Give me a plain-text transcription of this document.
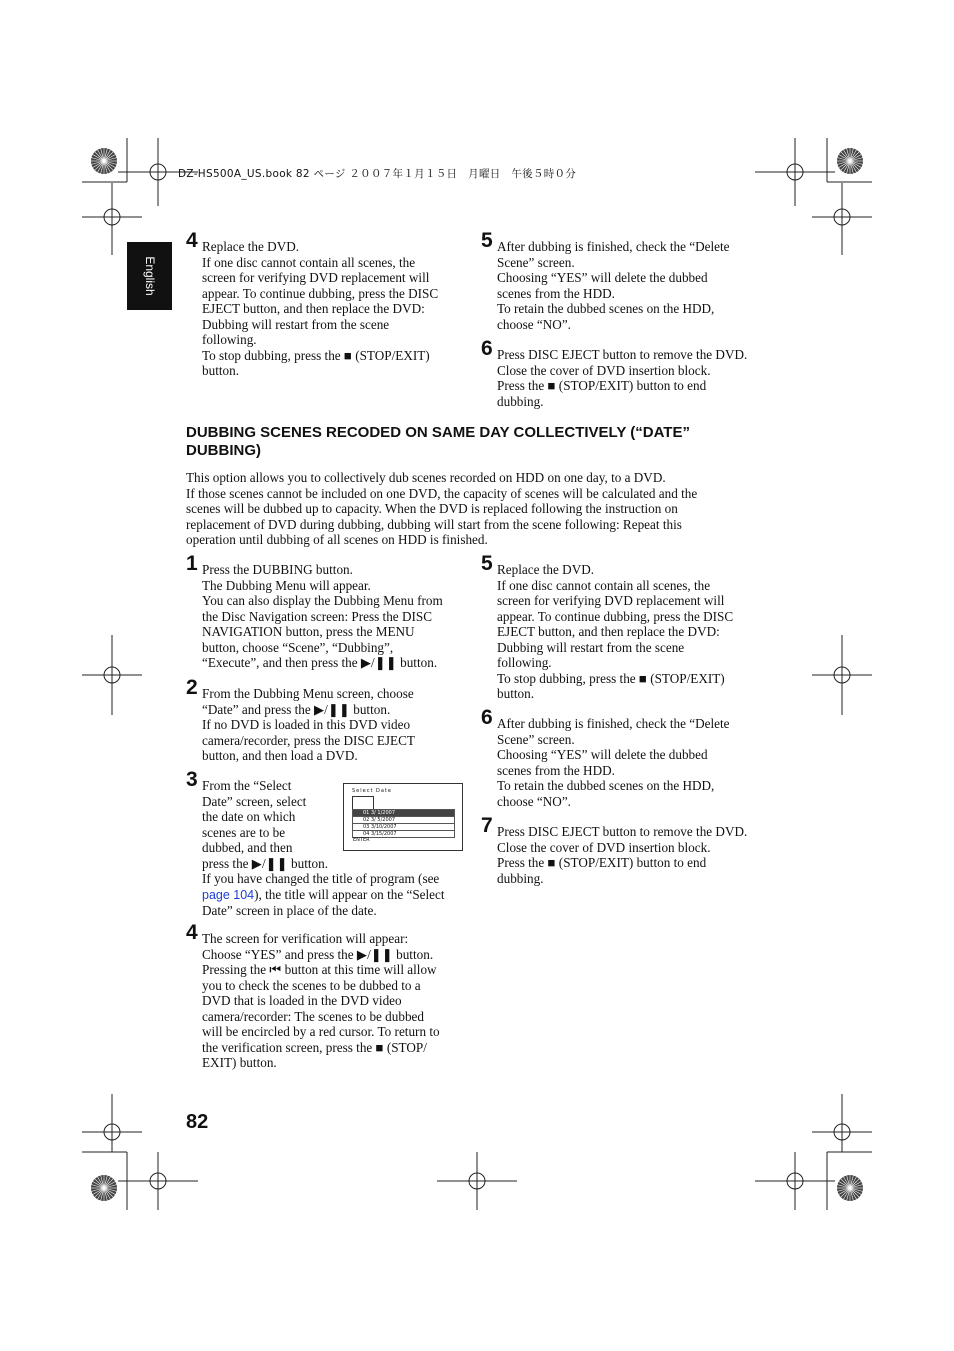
DZ-HS500A_US.book 82 ページ ２００７年１月１５日　月曜日　午後５時０分
English
4 Replace the DVD.
If one disc cannot contain all scenes, the
screen for verifying DVD replacement will
appear. To continue dubbing, press the DISC
EJECT button, and then replace the DVD:
Dubbing will restart from the scene
following.
To stop dubbing, press the ■ (STOP/EXIT)
button.
5 After dubbing is finished, check the “Delete
Scene” screen.
Choosing “YES” will delete the dubbed
scenes from the HDD.
To retain the dubbed scenes on the HDD,
choose “NO”.
6 Press DISC EJECT button to remove the DVD.
Close the cover of DVD insertion block.
Press the ■ (STOP/EXIT) button to end
dubbing.
DUBBING SCENES RECODED ON SAME DAY COLLECTIVELY (“DATE” DUBBING)
This option allows you to collectively dub scenes recorded on HDD on one day, to a DVD.
If those scenes cannot be included on one DVD, the capacity of scenes will be calculated and the
scenes will be dubbed up to capacity. When the DVD is replaced following the instruction on
replacement of DVD during dubbing, dubbing will start from the scene following: Repeat this
operation until dubbing of all scenes on HDD is finished.
1 Press the DUBBING button.
The Dubbing Menu will appear.
You can also display the Dubbing Menu from
the Disc Navigation screen: Press the DISC
NAVIGATION button, press the MENU
button, choose “Scene”, “Dubbing”,
“Execute”, and then press the ▶/❚❚ button.
2 From the Dubbing Menu screen, choose
“Date” and press the ▶/❚❚ button.
If no DVD is loaded in this DVD video
camera/recorder, press the DISC EJECT
button, and then load a DVD.
3 From the “Select
Date” screen, select
the date on which
scenes are to be
dubbed, and then
press the ▶/❚❚ button.
If you have changed the title of program (see
page 104), the title will appear on the “Select
Date” screen in place of the date.
Select Date
01 3/ 1/2007
02 3/ 5/2007
03 3/10/2007
04 3/15/2007
ENTER
4 The screen for verification will appear:
Choose “YES” and press the ▶/❚❚ button.
Pressing the ⏮ button at this time will allow
you to check the scenes to be dubbed to a
DVD that is loaded in the DVD video
camera/recorder: The scenes to be dubbed
will be encircled by a red cursor. To return to
the verification screen, press the ■ (STOP/
EXIT) button.
5 Replace the DVD.
If one disc cannot contain all scenes, the
screen for verifying DVD replacement will
appear. To continue dubbing, press the DISC
EJECT button, and then replace the DVD:
Dubbing will restart from the scene
following.
To stop dubbing, press the ■ (STOP/EXIT)
button.
6 After dubbing is finished, check the “Delete
Scene” screen.
Choosing “YES” will delete the dubbed
scenes from the HDD.
To retain the dubbed scenes on the HDD,
choose “NO”.
7 Press DISC EJECT button to remove the DVD.
Close the cover of DVD insertion block.
Press the ■ (STOP/EXIT) button to end
dubbing.
82
